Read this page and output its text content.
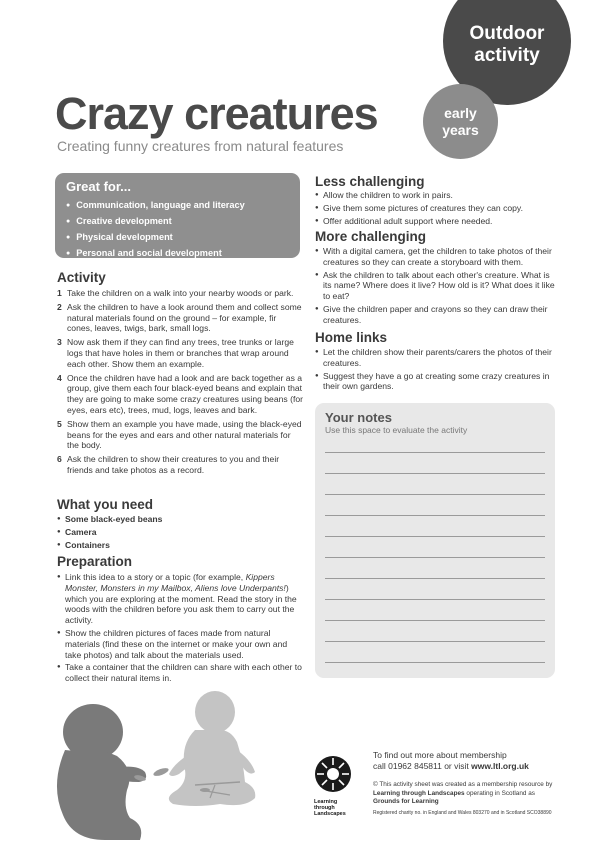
Outdoor
activity
early
years
Crazy creatures
Creating funny creatures from natural features
Great for...
● Communication, language and literacy
● Creative development
● Physical development
● Personal and social development
Activity
1 Take the children on a walk into your nearby woods or park.
2 Ask the children to have a look around them and collect some natural materials found on the ground – for example, fir cones, leaves, twigs, bark, small logs.
3 Now ask them if they can find any trees, tree trunks or large logs that have holes in them or branches that wrap around each other. Show them an example.
4 Once the children have had a look and are back together as a group, give them each four black-eyed beans and explain that they are going to make some crazy creatures using beans (for eyes, ears etc), trees, mud, logs, leaves and bark.
5 Show them an example you have made, using the black-eyed beans for the eyes and ears and other natural materials for the body.
6 Ask the children to show their creatures to you and their friends and take photos as a record.
What you need
● Some black-eyed beans
● Camera
● Containers
Preparation
● Link this idea to a story or a topic (for example, Kippers Monster, Monsters in my Mailbox, Aliens love Underpants!) which you are exploring at the moment. Read the story in the woods with the children before you ask them to carry out the activity.
● Show the children pictures of faces made from natural materials (find these on the internet or make your own and take photos) and talk about the materials used.
● Take a container that the children can share with each other to collect their natural items in.
Less challenging
● Allow the children to work in pairs.
● Give them some pictures of creatures they can copy.
● Offer additional adult support where needed.
More challenging
● With a digital camera, get the children to take photos of their creatures so they can create a storyboard with them.
● Ask the children to talk about each other's creature. What is its name? Where does it live? How old is it? What does it like to eat?
● Give the children paper and crayons so they can draw their creatures.
Home links
● Let the children show their parents/carers the photos of their creatures.
● Suggest they have a go at creating some crazy creatures in their own gardens.
Your notes
Use this space to evaluate the activity
Learning
through
Landscapes
To find out more about membership
call 01962 845811 or visit www.ltl.org.uk
© This activity sheet was created as a membership resource by Learning through Landscapes operating in Scotland as Grounds for Learning
Registered charity no. in England and Wales 803270 and in Scotland SCO38890
